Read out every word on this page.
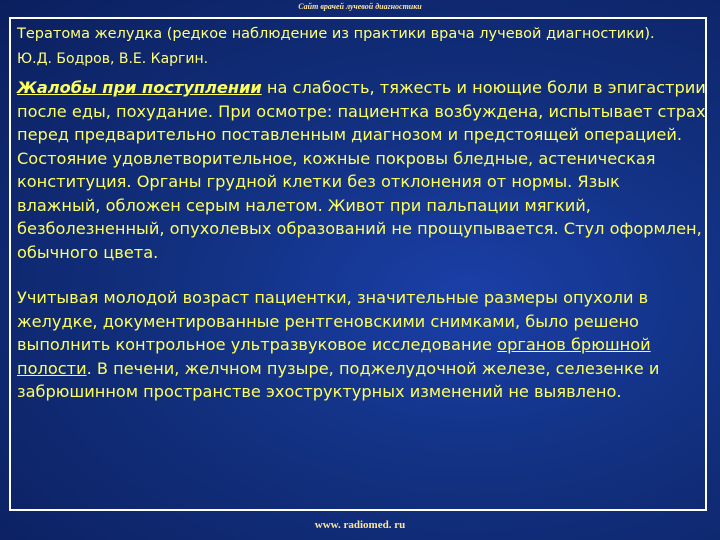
Сайт врачей лучевой диагностики

Тератома желудка (редкое наблюдение из практики врача лучевой диагностики).

Ю.Д. Бодров, В.Е. Каргин.

Жалобы при поступлении на слабость, тяжесть и ноющие боли в эпигастрии после еды, похудание. При осмотре: пациентка возбуждена, испытывает страх перед предварительно поставленным диагнозом и предстоящей операцией. Состояние удовлетворительное, кожные покровы бледные, астеническая конституция. Органы грудной клетки без отклонения от нормы. Язык влажный, обложен серым налетом. Живот при пальпации мягкий, безболезненный, опухолевых образований не прощупывается. Стул оформлен, обычного цвета.

Учитывая молодой возраст пациентки, значительные размеры опухоли в желудке, документированные рентгеновскими снимками, было решено выполнить контрольное ультразвуковое исследование органов брюшной полости. В печени, желчном пузыре, поджелудочной железе, селезенке и забрюшинном пространстве эхоструктурных изменений не выявлено.

www. radiomed. ru
